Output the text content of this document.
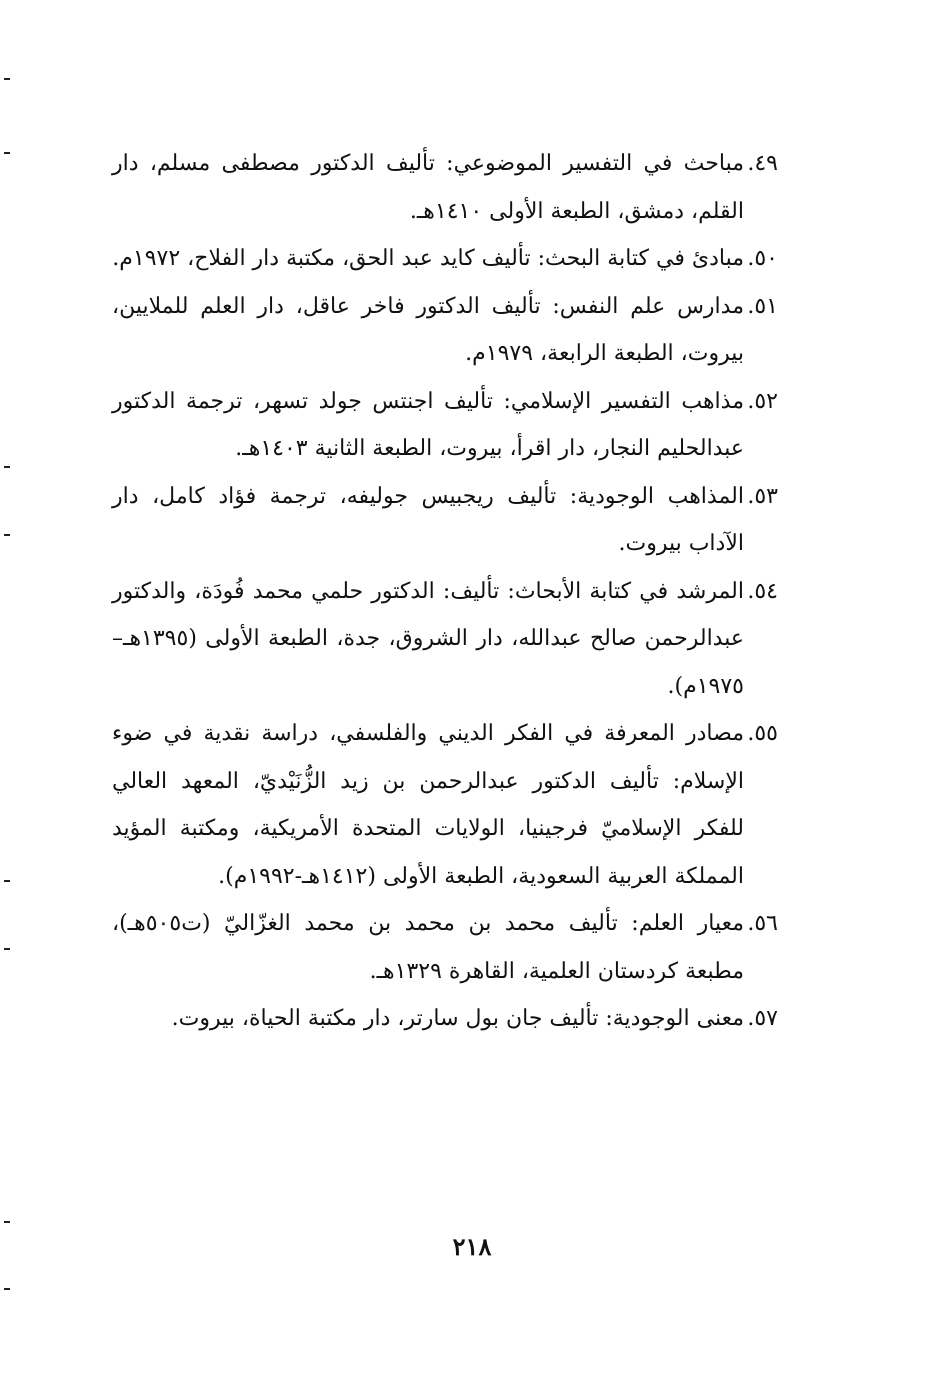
٤٩.
مباحث في التفسير الموضوعي: تأليف الدكتور مصطفى مسلم، دار القلم، دمشق، الطبعة الأولى ١٤١٠هـ.
٥٠.
مبادئ في كتابة البحث: تأليف كايد عبد الحق، مكتبة دار الفلاح، ١٩٧٢م.
٥١.
مدارس علم النفس: تأليف الدكتور فاخر عاقل، دار العلم للملايين، بيروت، الطبعة الرابعة، ١٩٧٩م.
٥٢.
مذاهب التفسير الإسلامي: تأليف اجنتس جولد تسهر، ترجمة الدكتور عبدالحليم النجار، دار اقرأ، بيروت، الطبعة الثانية ١٤٠٣هـ.
٥٣.
المذاهب الوجودية: تأليف ريجبيس جوليفه، ترجمة فؤاد كامل، دار الآداب بيروت.
٥٤.
المرشد في كتابة الأبحاث: تأليف: الدكتور حلمي محمد فُودَة، والدكتور عبدالرحمن صالح عبدالله، دار الشروق، جدة، الطبعة الأولى (١٣٩٥هـ–١٩٧٥م).
٥٥.
مصادر المعرفة في الفكر الديني والفلسفي، دراسة نقدية في ضوء الإسلام: تأليف الدكتور عبدالرحمن بن زيد الزُّنَيْديّ، المعهد العالي للفكر الإسلاميّ فرجينيا، الولايات المتحدة الأمريكية، ومكتبة المؤيد المملكة العربية السعودية، الطبعة الأولى (١٤١٢هـ-١٩٩٢م).
٥٦.
معيار العلم: تأليف محمد بن محمد بن محمد الغزّاليّ (ت٥٠٥هـ)، مطبعة كردستان العلمية، القاهرة ١٣٢٩هـ.
٥٧.
معنى الوجودية: تأليف جان بول سارتر، دار مكتبة الحياة، بيروت.
٢١٨
